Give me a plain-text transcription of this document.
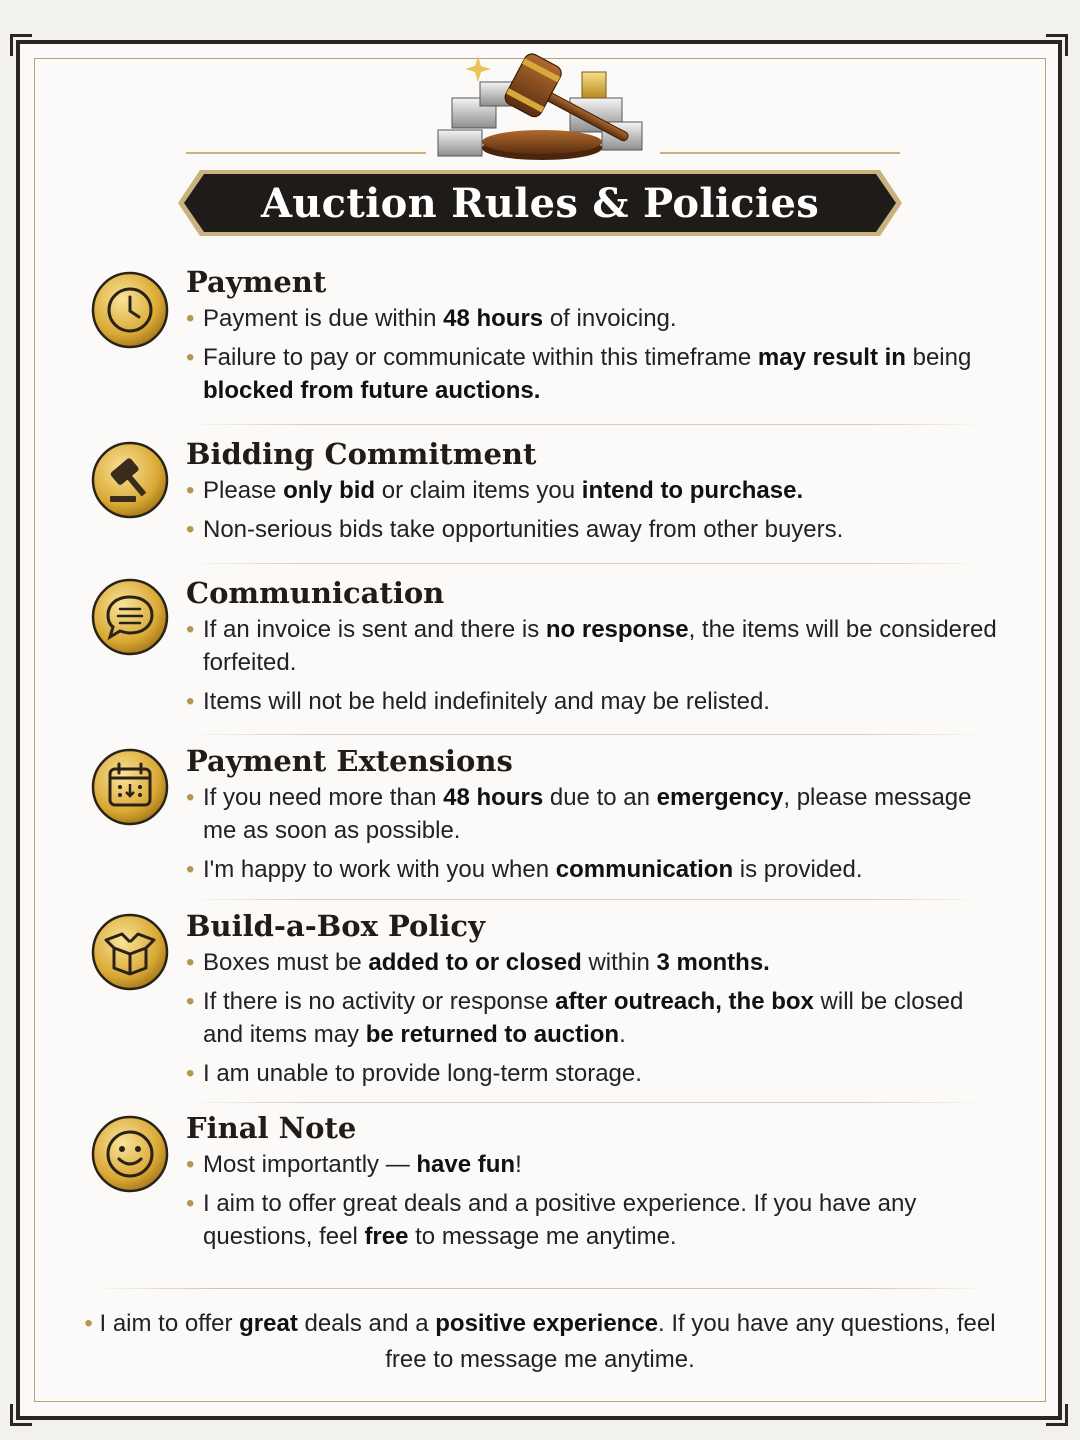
Auction Rules & Policies
Payment
• Payment is due within 48 hours of invoicing.
• Failure to pay or communicate within this timeframe may result in being blocked from future auctions.
Bidding Commitment
• Please only bid or claim items you intend to purchase.
• Non-serious bids take opportunities away from other buyers.
Communication
• If an invoice is sent and there is no response, the items will be considered forfeited.
• Items will not be held indefinitely and may be relisted.
Payment Extensions
• If you need more than 48 hours due to an emergency, please message me as soon as possible.
• I'm happy to work with you when communication is provided.
Build-a-Box Policy
• Boxes must be added to or closed within 3 months.
• If there is no activity or response after outreach, the box will be closed and items may be returned to auction.
• I am unable to provide long-term storage.
Final Note
• Most importantly — have fun!
• I aim to offer great deals and a positive experience. If you have any questions, feel free to message me anytime.
• I aim to offer great deals and a positive experience. If you have any questions, feel free to message me anytime.
